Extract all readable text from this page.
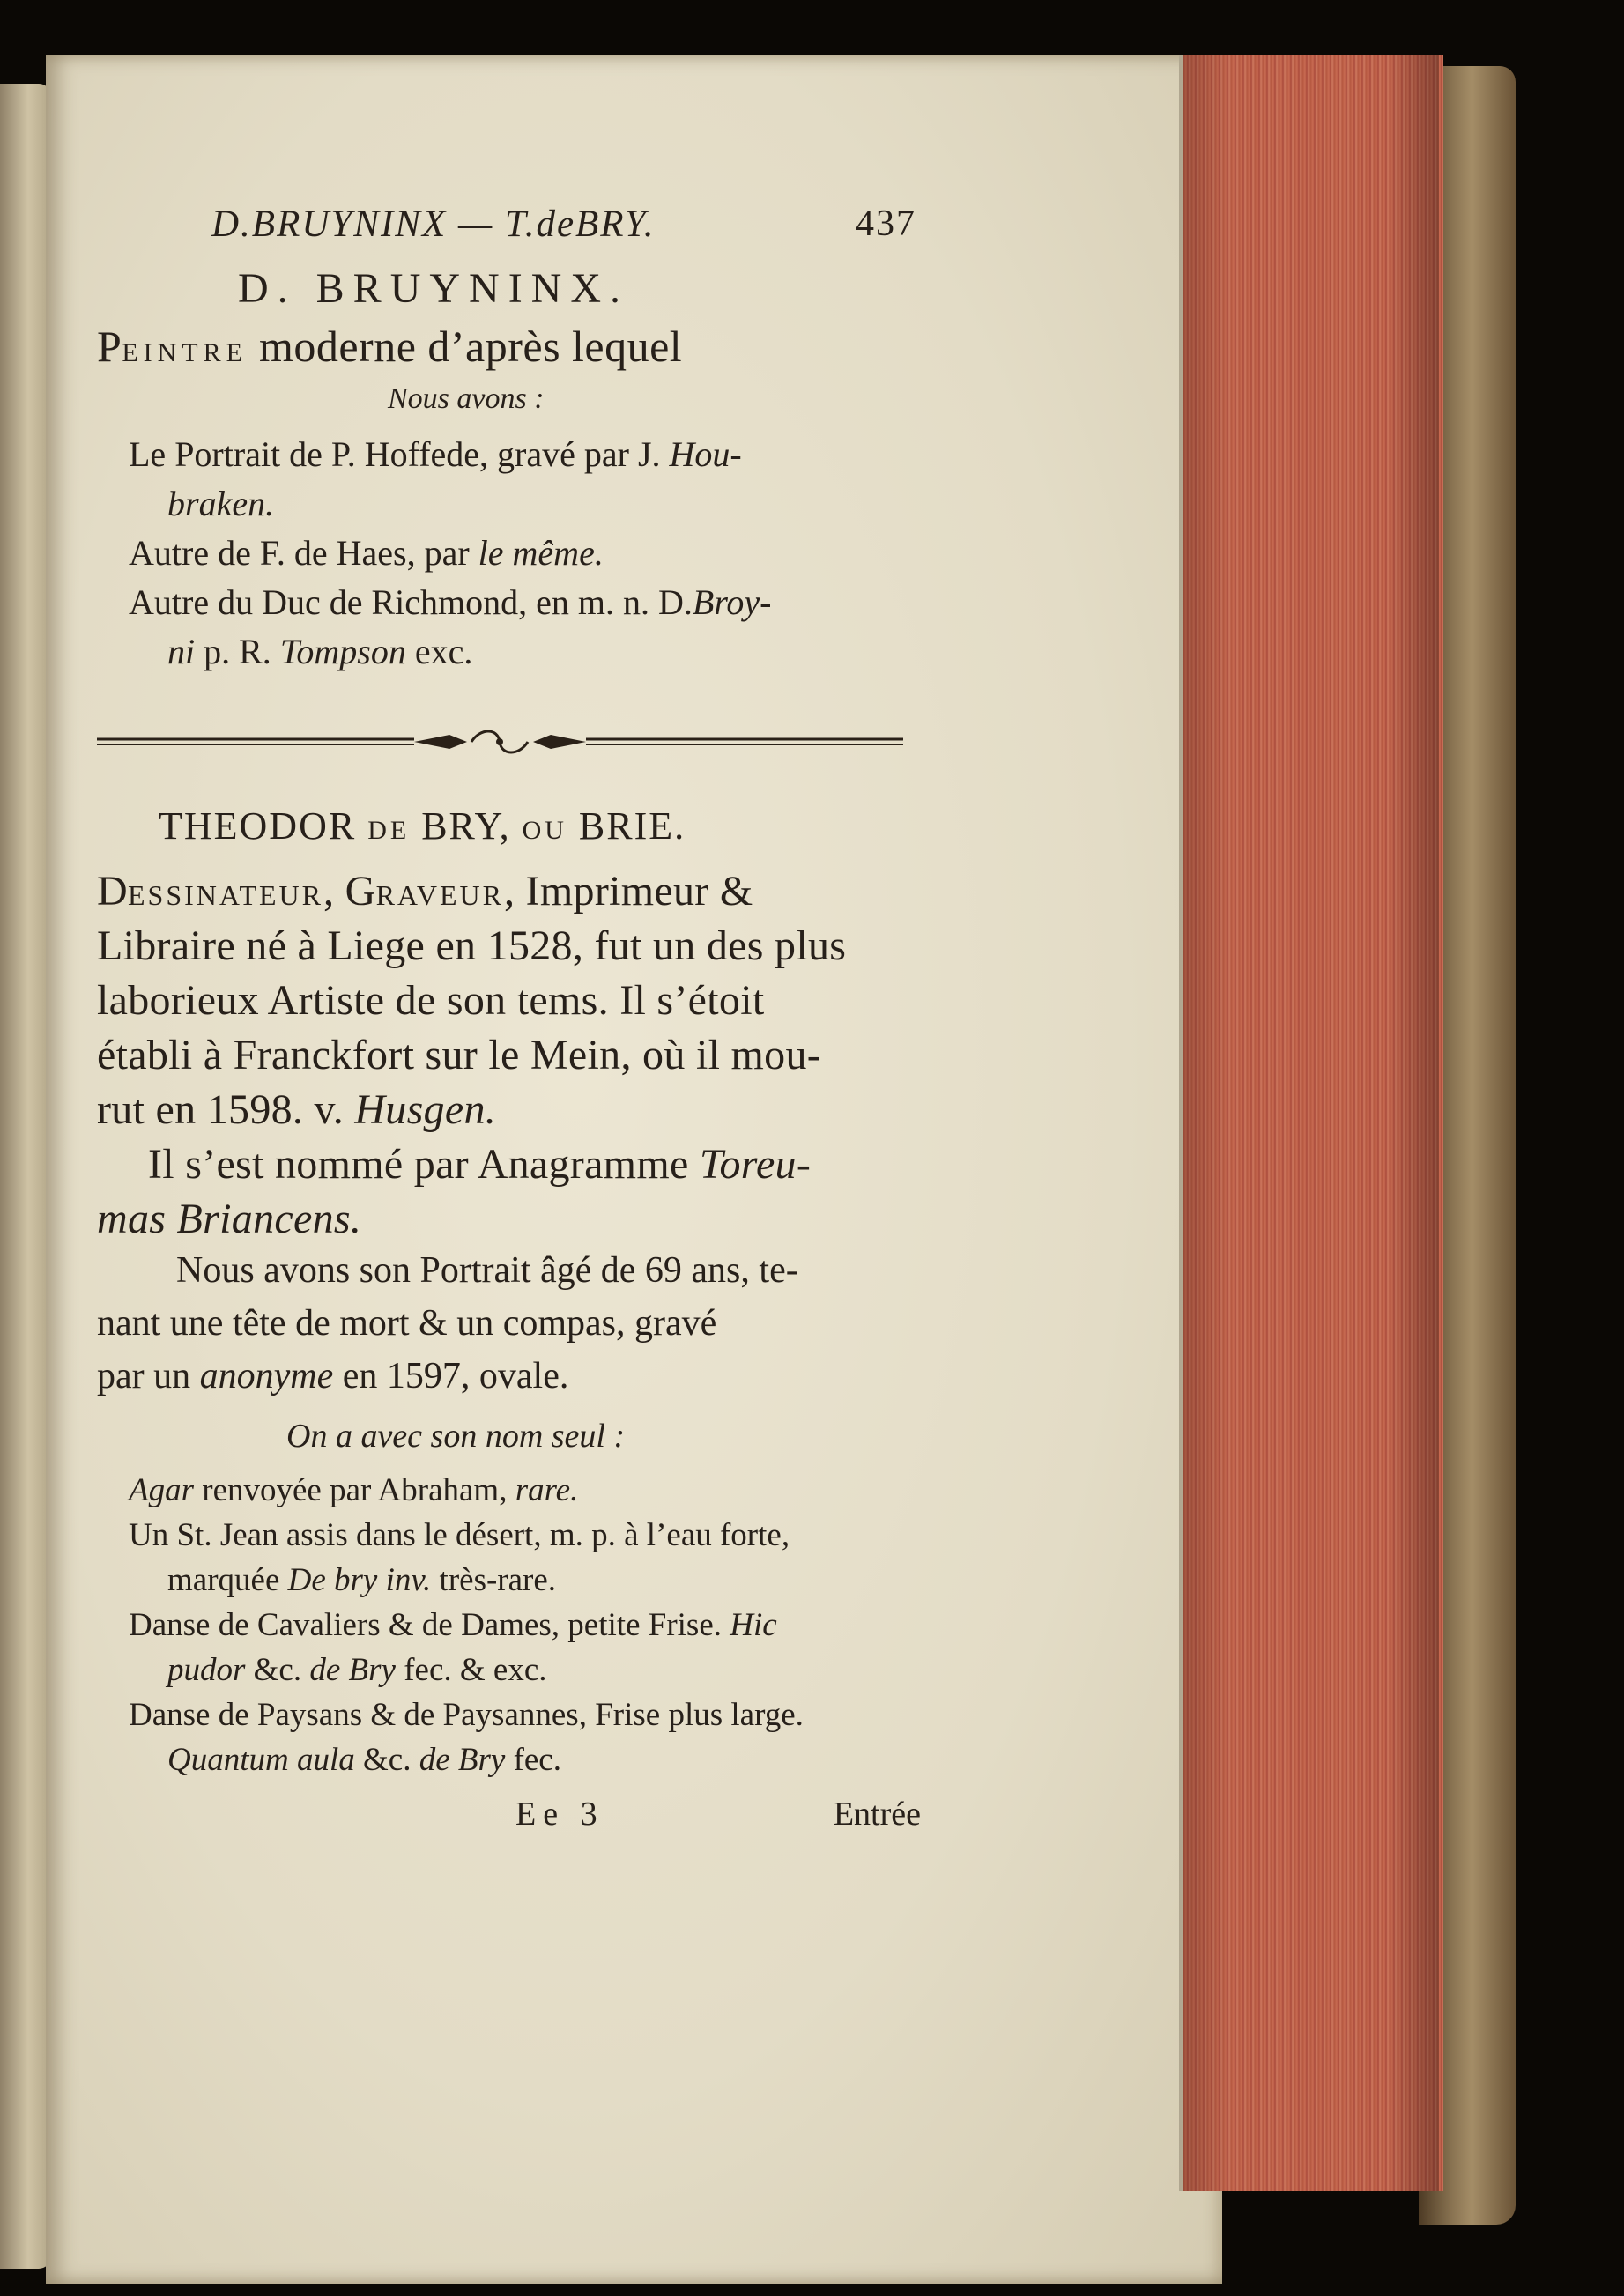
D.BRUYNINX — T.deBRY.	437
D. BRUYNINX.
PEINTRE moderne d’après lequel
Nous avons :
Le Portrait de P. Hoffede, gravé par J. Hou-
braken.
Autre de F. de Haes, par le même.
Autre du Duc de Richmond, en m. n. D.Broy-
ni p. R. Tompson exc.
THEODOR DE BRY, OU BRIE.
DESSINATEUR, GRAVEUR, Imprimeur &
Libraire né à Liege en 1528, fut un des plus
laborieux Artiste de son tems. Il s’étoit
établi à Franckfort sur le Mein, où il mou-
rut en 1598. v. Husgen.
Il s’est nommé par Anagramme Toreu-
mas Briancens.
Nous avons son Portrait âgé de 69 ans, te-
nant une tête de mort & un compas, gravé
par un anonyme en 1597, ovale.
On a avec son nom seul :
Agar renvoyée par Abraham, rare.
Un St. Jean assis dans le désert, m. p. à l’eau forte,
marquée De bry inv. très-rare.
Danse de Cavaliers & de Dames, petite Frise. Hic
pudor &c. de Bry fec. & exc.
Danse de Paysans & de Paysannes, Frise plus large.
Quantum aula &c. de Bry fec.
Ee 3	Entrée
